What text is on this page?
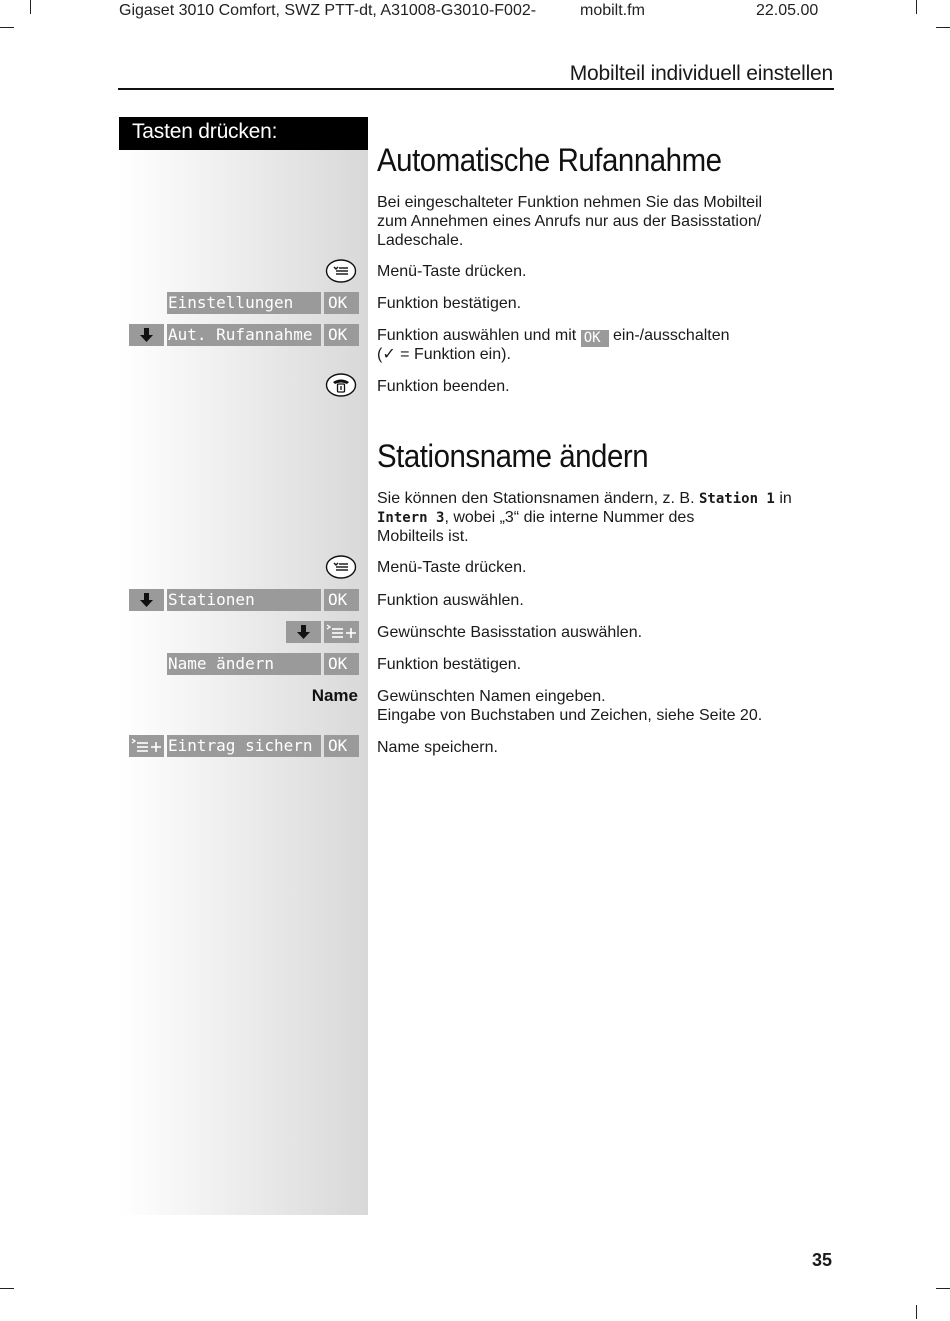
Gigaset 3010 Comfort, SWZ PTT-dt, A31008-G3010-F002-	mobilt.fm	22.05.00
Mobilteil individuell einstellen
Tasten drücken:
Automatische Rufannahme
Bei eingeschalteter Funktion nehmen Sie das Mobilteil
zum Annehmen eines Anrufs nur aus der Basisstation/
Ladeschale.
Menü-Taste drücken.
Einstellungen	OK	Funktion bestätigen.
Aut. Rufannahme OK	Funktion auswählen und mit OK ein-/ausschalten
(✓ = Funktion ein).
Funktion beenden.
Stationsname ändern
Sie können den Stationsnamen ändern, z. B. Station 1 in
Intern 3, wobei „3“ die interne Nummer des
Mobilteils ist.
Menü-Taste drücken.
Stationen	OK	Funktion auswählen.
Gewünschte Basisstation auswählen.
Name ändern	OK	Funktion bestätigen.
Name Gewünschten Namen eingeben.
Eingabe von Buchstaben und Zeichen, siehe Seite 20.
Eintrag sichern OK	Name speichern.
35
